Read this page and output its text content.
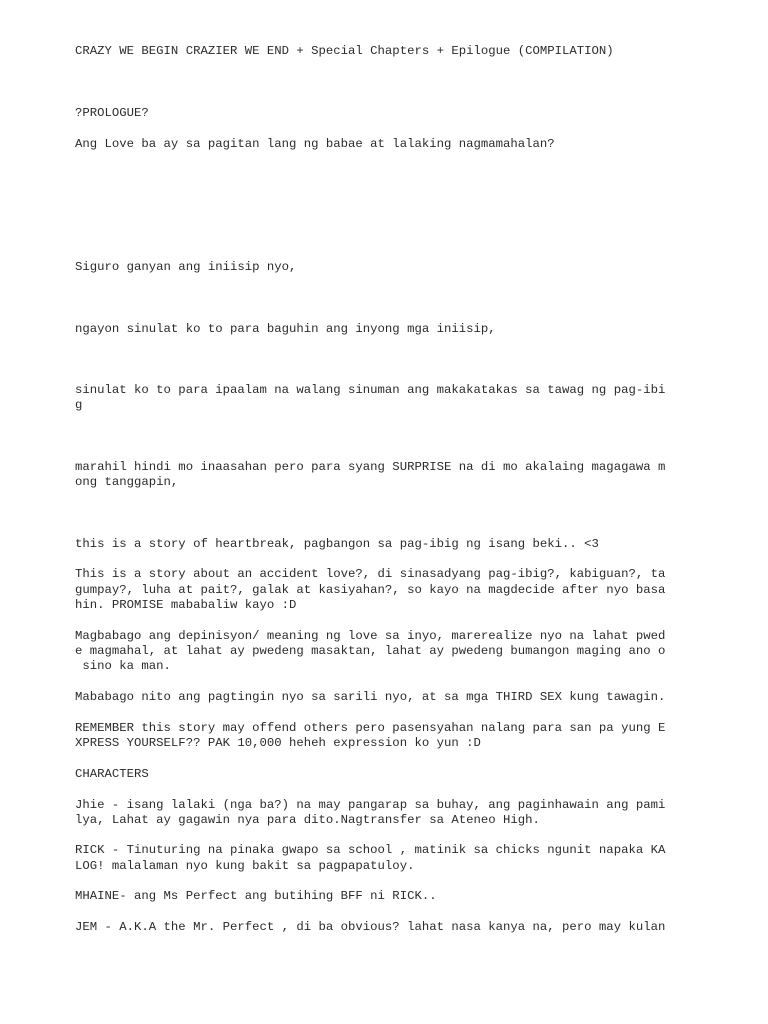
CRAZY WE BEGIN CRAZIER WE END + Special Chapters + Epilogue (COMPILATION)

?PROLOGUE?

Ang Love ba ay sa pagitan lang ng babae at lalaking nagmamahalan?

Siguro ganyan ang iniisip nyo,

ngayon sinulat ko to para baguhin ang inyong mga iniisip,

sinulat ko to para ipaalam na walang sinuman ang makakatakas sa tawag ng pag-ibi

g

marahil hindi mo inaasahan pero para syang SURPRISE na di mo akalaing magagawa m

ong tanggapin,

this is a story of heartbreak, pagbangon sa pag-ibig ng isang beki.. <3

This is a story about an accident love?, di sinasadyang pag-ibig?, kabiguan?, ta

gumpay?, luha at pait?, galak at kasiyahan?, so kayo na magdecide after nyo basa

hin. PROMISE mababaliw kayo :D

Magbabago ang depinisyon/ meaning ng love sa inyo, marerealize nyo na lahat pwed

e magmahal, at lahat ay pwedeng masaktan, lahat ay pwedeng bumangon maging ano o

sino ka man.

Mababago nito ang pagtingin nyo sa sarili nyo, at sa mga THIRD SEX kung tawagin.

REMEMBER this story may offend others pero pasensyahan nalang para san pa yung E

XPRESS YOURSELF?? PAK 10,000 heheh expression ko yun :D

CHARACTERS

Jhie - isang lalaki (nga ba?) na may pangarap sa buhay, ang paginhawain ang pami

lya, Lahat ay gagawin nya para dito.Nagtransfer sa Ateneo High.

RICK - Tinuturing na pinaka gwapo sa school , matinik sa chicks ngunit napaka KA

LOG! malalaman nyo kung bakit sa pagpapatuloy.

MHAINE- ang Ms Perfect ang butihing BFF ni RICK..

JEM - A.K.A the Mr. Perfect , di ba obvious? lahat nasa kanya na, pero may kulan
